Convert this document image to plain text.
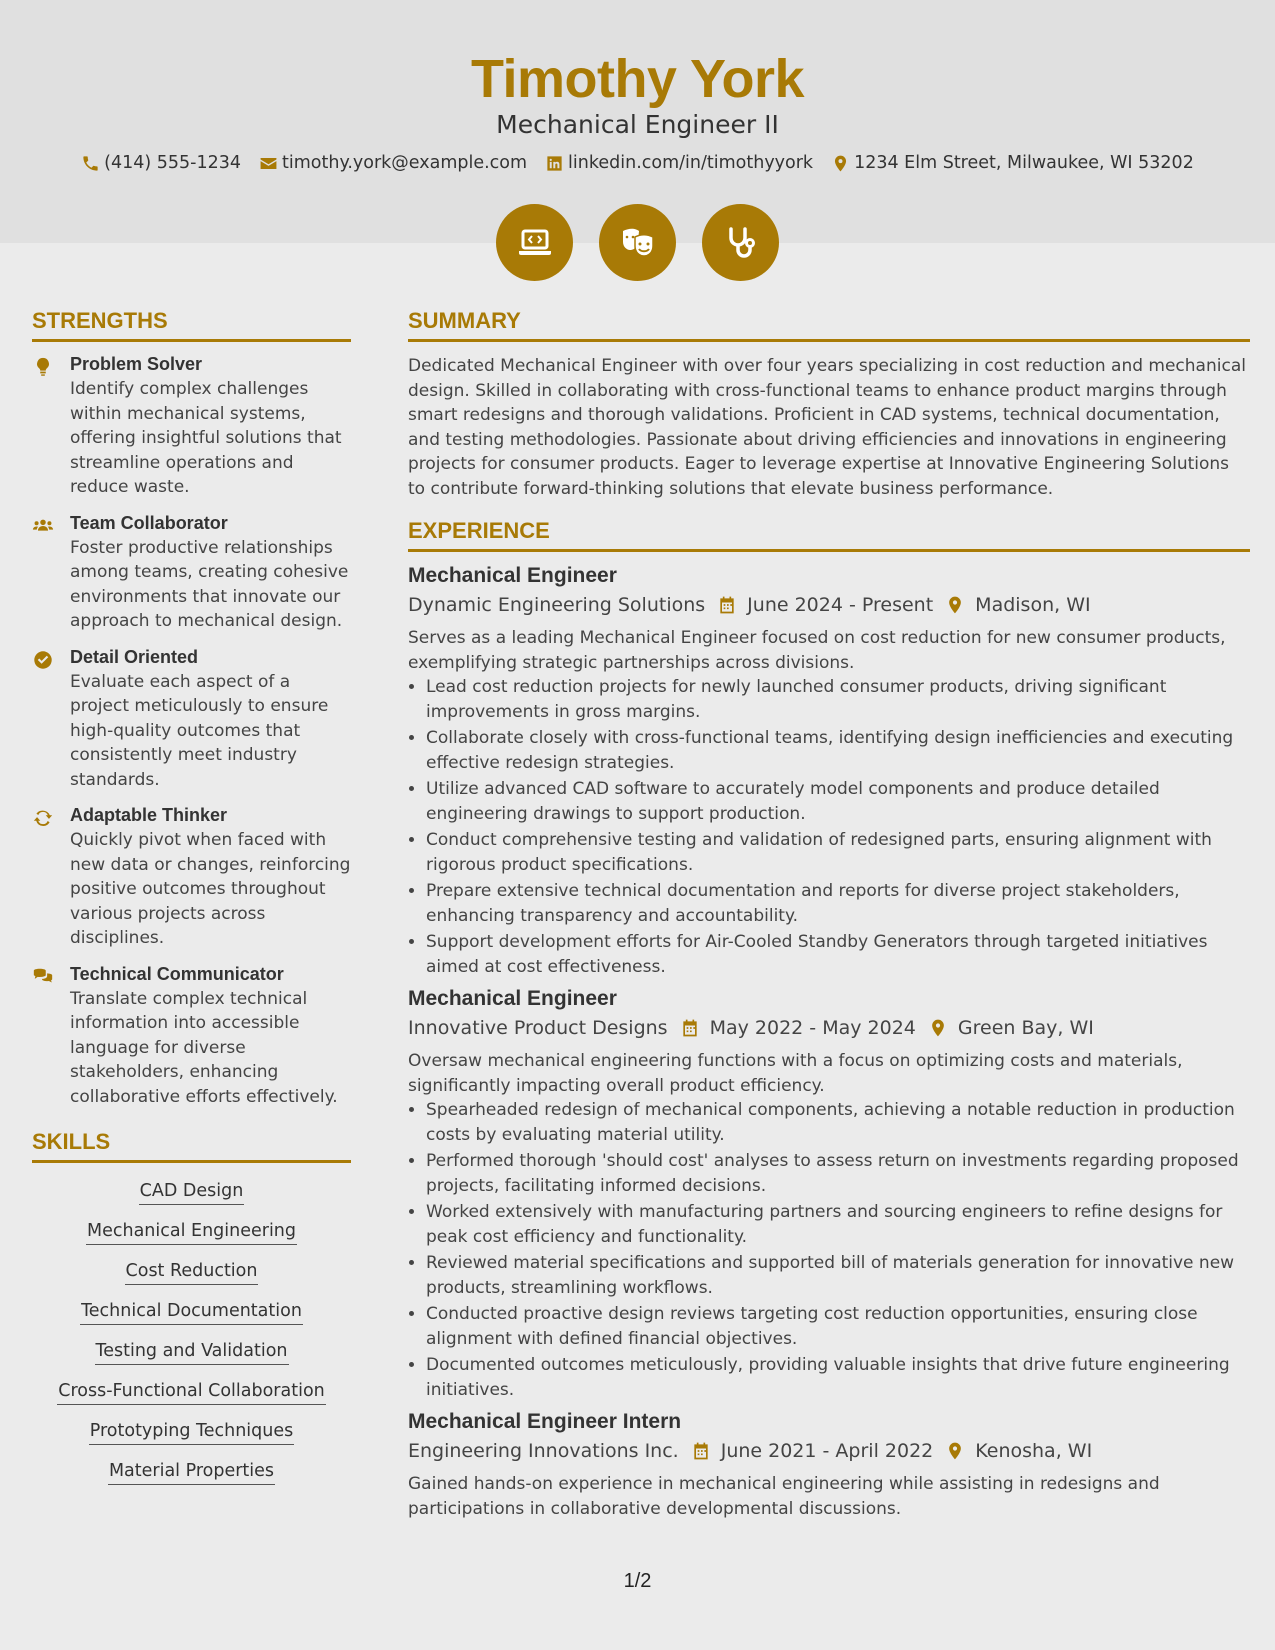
Timothy York
Mechanical Engineer II
(414) 555-1234 timothy.york@example.com linkedin.com/in/timothyyork 1234 Elm Street, Milwaukee, WI 53202
STRENGTHS
Problem Solver
Identify complex challenges within mechanical systems, offering insightful solutions that streamline operations and reduce waste.
Team Collaborator
Foster productive relationships among teams, creating cohesive environments that innovate our approach to mechanical design.
Detail Oriented
Evaluate each aspect of a project meticulously to ensure high-quality outcomes that consistently meet industry standards.
Adaptable Thinker
Quickly pivot when faced with new data or changes, reinforcing positive outcomes throughout various projects across disciplines.
Technical Communicator
Translate complex technical information into accessible language for diverse stakeholders, enhancing collaborative efforts effectively.
SKILLS
CAD Design
Mechanical Engineering
Cost Reduction
Technical Documentation
Testing and Validation
Cross-Functional Collaboration
Prototyping Techniques
Material Properties
SUMMARY

Dedicated Mechanical Engineer with over four years specializing in cost reduction and mechanical design. Skilled in collaborating with cross-functional teams to enhance product margins through smart redesigns and thorough validations. Proficient in CAD systems, technical documentation, and testing methodologies. Passionate about driving efficiencies and innovations in engineering projects for consumer products. Eager to leverage expertise at Innovative Engineering Solutions to contribute forward-thinking solutions that elevate business performance.

EXPERIENCE
Mechanical Engineer
Dynamic Engineering Solutions June 2024 - Present Madison, WI
Serves as a leading Mechanical Engineer focused on cost reduction for new consumer products, exemplifying strategic partnerships across divisions.
• Lead cost reduction projects for newly launched consumer products, driving significant improvements in gross margins.
• Collaborate closely with cross-functional teams, identifying design inefficiencies and executing effective redesign strategies.
• Utilize advanced CAD software to accurately model components and produce detailed engineering drawings to support production.
• Conduct comprehensive testing and validation of redesigned parts, ensuring alignment with rigorous product specifications.
• Prepare extensive technical documentation and reports for diverse project stakeholders, enhancing transparency and accountability.
• Support development efforts for Air-Cooled Standby Generators through targeted initiatives aimed at cost effectiveness.
Mechanical Engineer
Innovative Product Designs May 2022 - May 2024 Green Bay, WI
Oversaw mechanical engineering functions with a focus on optimizing costs and materials, significantly impacting overall product efficiency.
• Spearheaded redesign of mechanical components, achieving a notable reduction in production costs by evaluating material utility.
• Performed thorough 'should cost' analyses to assess return on investments regarding proposed projects, facilitating informed decisions.
• Worked extensively with manufacturing partners and sourcing engineers to refine designs for peak cost efficiency and functionality.
• Reviewed material specifications and supported bill of materials generation for innovative new products, streamlining workflows.
• Conducted proactive design reviews targeting cost reduction opportunities, ensuring close alignment with defined financial objectives.
• Documented outcomes meticulously, providing valuable insights that drive future engineering initiatives.
Mechanical Engineer Intern
Engineering Innovations Inc. June 2021 - April 2022 Kenosha, WI
Gained hands-on experience in mechanical engineering while assisting in redesigns and participations in collaborative developmental discussions.
1/2
